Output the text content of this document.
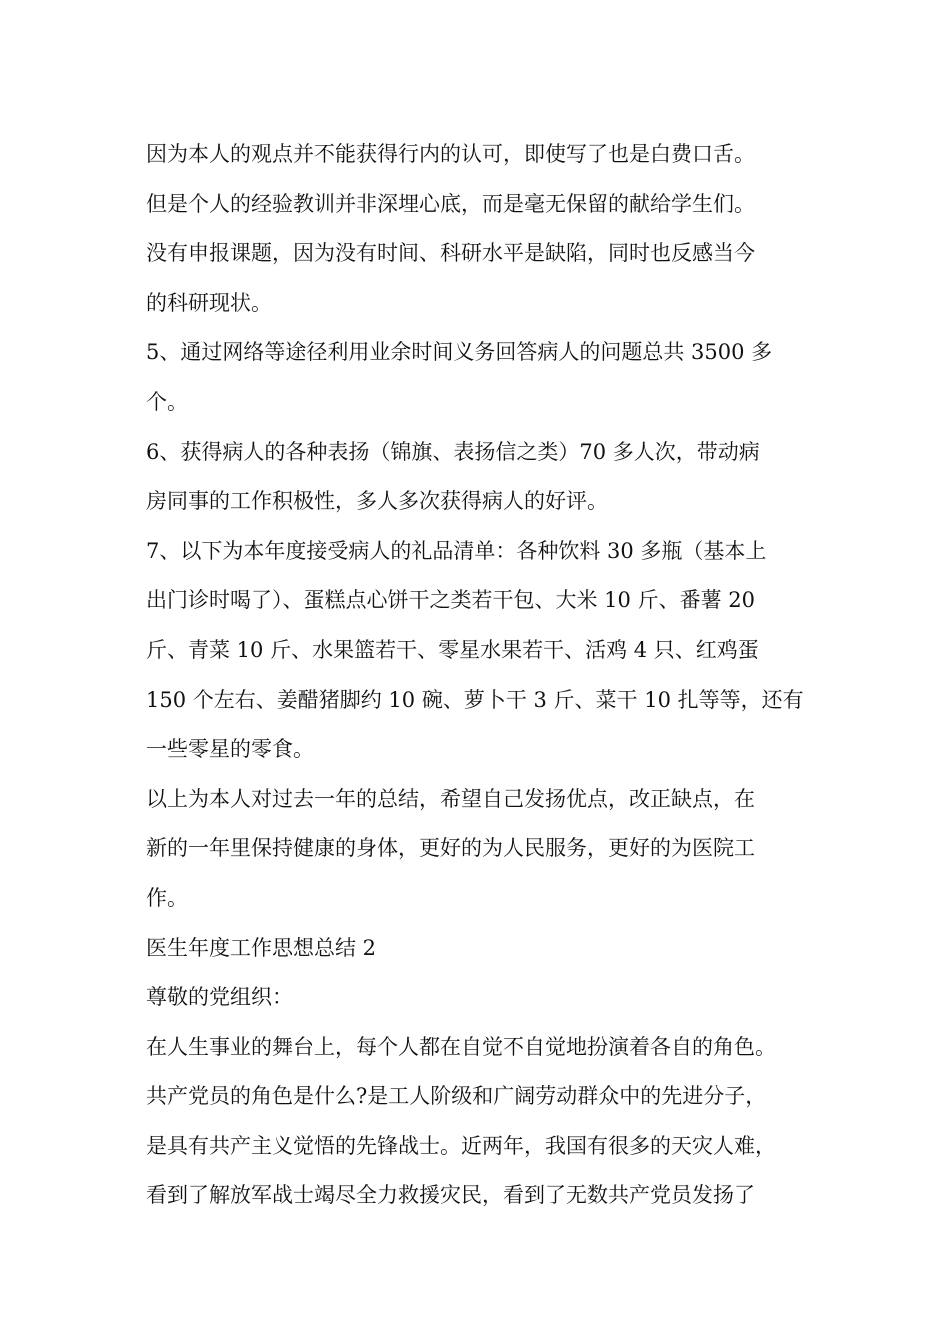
因为本人的观点并不能获得行内的认可，即使写了也是白费口舌。
但是个人的经验教训并非深埋心底，而是毫无保留的献给学生们。
没有申报课题，因为没有时间、科研水平是缺陷，同时也反感当今
的科研现状。
5、通过网络等途径利用业余时间义务回答病人的问题总共 3500 多
个。
6、获得病人的各种表扬（锦旗、表扬信之类）70 多人次，带动病
房同事的工作积极性，多人多次获得病人的好评。
7、以下为本年度接受病人的礼品清单：各种饮料 30 多瓶（基本上
出门诊时喝了）、蛋糕点心饼干之类若干包、大米 10 斤、番薯 20
斤、青菜 10 斤、水果篮若干、零星水果若干、活鸡 4 只、红鸡蛋
150 个左右、姜醋猪脚约 10 碗、萝卜干 3 斤、菜干 10 扎等等，还有
一些零星的零食。
以上为本人对过去一年的总结，希望自己发扬优点，改正缺点，在
新的一年里保持健康的身体，更好的为人民服务，更好的为医院工
作。
医生年度工作思想总结 2
尊敬的党组织：
在人生事业的舞台上，每个人都在自觉不自觉地扮演着各自的角色。
共产党员的角色是什么?是工人阶级和广阔劳动群众中的先进分子，
是具有共产主义觉悟的先锋战士。近两年，我国有很多的天灾人难，
看到了解放军战士竭尽全力救援灾民，看到了无数共产党员发扬了
